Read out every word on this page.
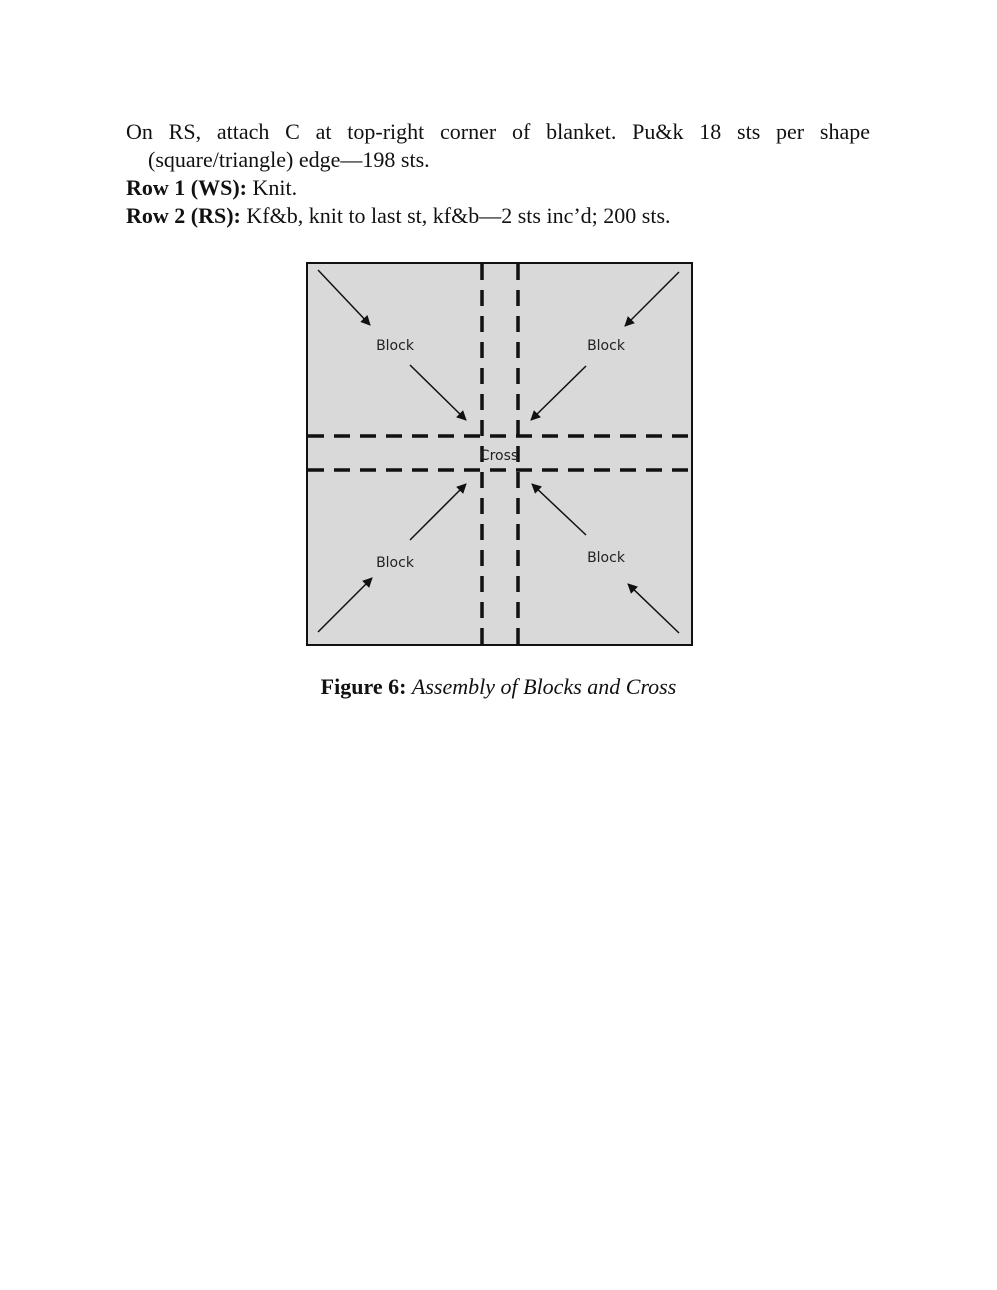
On RS, attach C at top-right corner of blanket. Pu&k 18 sts per shape
(square/triangle) edge—198 sts.
Row 1 (WS): Knit.
Row 2 (RS): Kf&b, knit to last st, kf&b—2 sts inc’d; 200 sts.
Block	Block
Block	Block
Cross
Figure 6: Assembly of Blocks and Cross
